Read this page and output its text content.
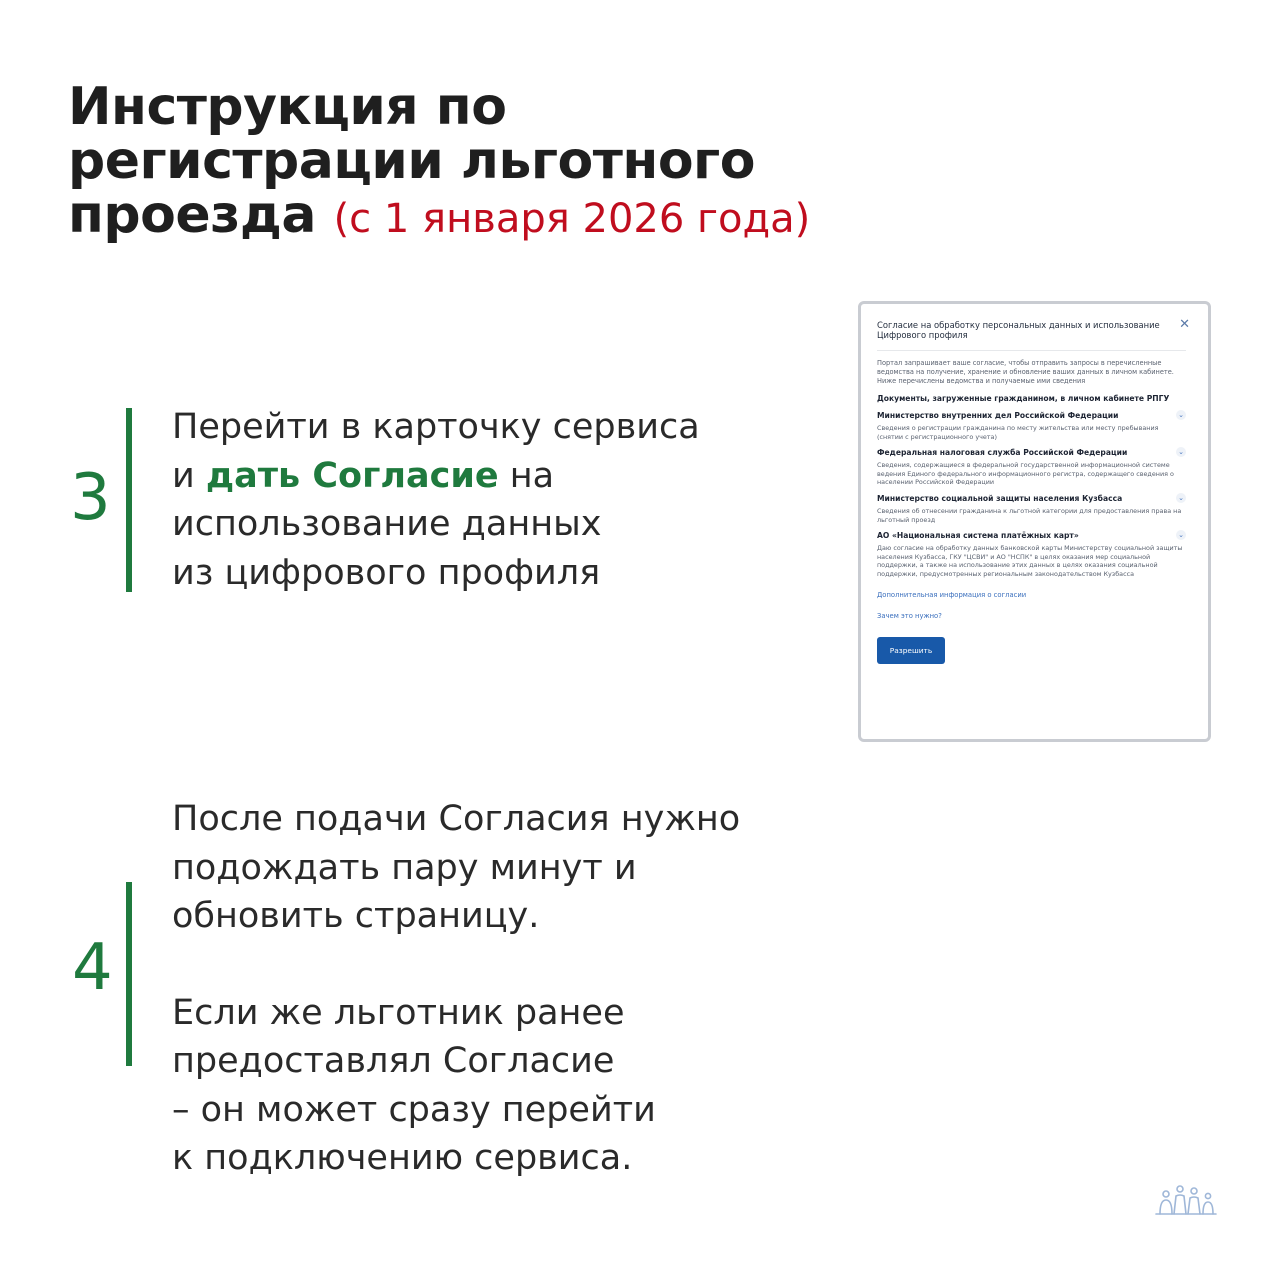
Инструкция по
регистрации льготного
проезда (с 1 января 2026 года)
3
Перейти в карточку сервиса
и дать Согласие на
использование данных
из цифрового профиля
Согласие на обработку персональных данных и использование Цифрового профиля
✕
Портал запрашивает ваше согласие, чтобы отправить запросы в перечисленные ведомства на получение, хранение и обновление ваших данных в личном кабинете. Ниже перечислены ведомства и получаемые ими сведения
Документы, загруженные гражданином, в личном кабинете РПГУ
Министерство внутренних дел Российской Федерации	⌄
Сведения о регистрации гражданина по месту жительства или месту пребывания (снятии с регистрационного учета)
Федеральная налоговая служба Российской Федерации	⌄
Сведения, содержащиеся в федеральной государственной информационной системе ведения Единого федерального информационного регистра, содержащего сведения о населении Российской Федерации
Министерство социальной защиты населения Кузбасса	⌄
Сведения об отнесении гражданина к льготной категории для предоставления права на льготный проезд
АО «Национальная система платёжных карт»	⌄
Даю согласие на обработку данных банковской карты Министерству социальной защиты населения Кузбасса, ГКУ "ЦСВИ" и АО "НСПК" в целях оказания мер социальной поддержки, а также на использование этих данных в целях оказания социальной поддержки, предусмотренных региональным законодательством Кузбасса
Дополнительная информация о согласии
Зачем это нужно?
Разрешить
4
После подачи Согласия нужно
подождать пару минут и
обновить страницу.
Если же льготник ранее
предоставлял Согласие
– он может сразу перейти
к подключению сервиса.
